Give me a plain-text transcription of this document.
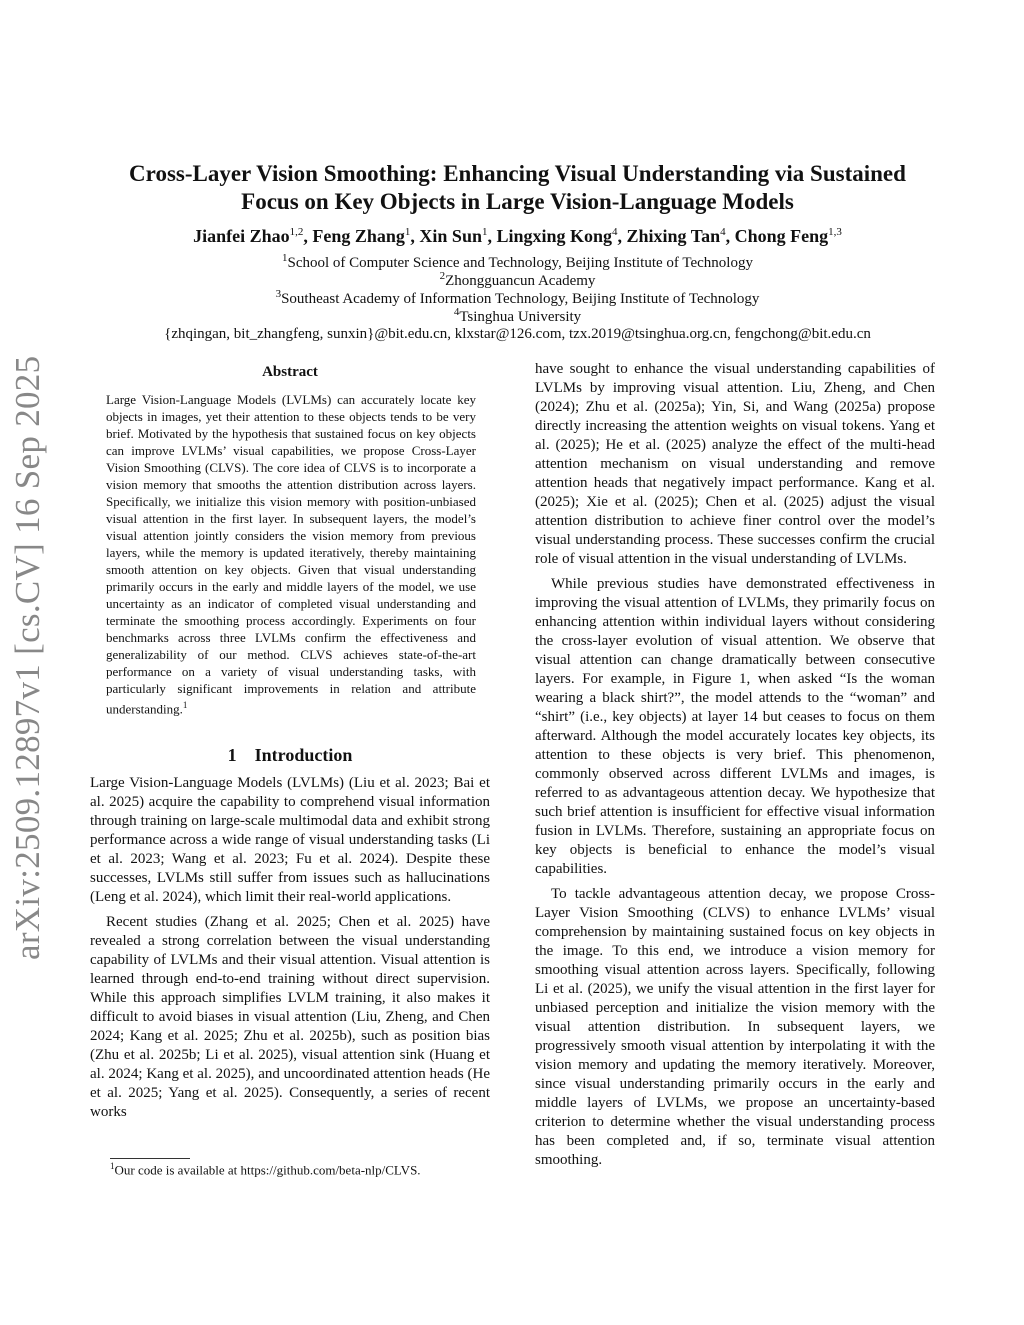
arXiv:2509.12897v1 [cs.CV] 16 Sep 2025
Cross-Layer Vision Smoothing: Enhancing Visual Understanding via Sustained
Focus on Key Objects in Large Vision-Language Models
Jianfei Zhao$^{1,2}$, Feng Zhang$^1$, Xin Sun$^1$, Lingxing Kong$^4$, Zhixing Tan$^4$, Chong Feng$^{1,3}$
$^1$School of Computer Science and Technology, Beijing Institute of Technology
$^2$Zhongguancun Academy
$^3$Southeast Academy of Information Technology, Beijing Institute of Technology
$^4$Tsinghua University
{zhqingan, bit_zhangfeng, sunxin}@bit.edu.cn, klxstar@126.com, tzx.2019@tsinghua.org.cn, fengchong@bit.edu.cn
Abstract
Large Vision-Language Models (LVLMs) can accurately locate key objects in images, yet their attention to these objects tends to be very brief. Motivated by the hypothesis that sustained focus on key objects can improve LVLMs’ visual capabilities, we propose Cross-Layer Vision Smoothing (CLVS). The core idea of CLVS is to incorporate a vision memory that smooths the attention distribution across layers. Specifically, we initialize this vision memory with position-unbiased visual attention in the first layer. In subsequent layers, the model’s visual attention jointly considers the vision memory from previous layers, while the memory is updated iteratively, thereby maintaining smooth attention on key objects. Given that visual understanding primarily occurs in the early and middle layers of the model, we use uncertainty as an indicator of completed visual understanding and terminate the smoothing process accordingly. Experiments on four benchmarks across three LVLMs confirm the effectiveness and generalizability of our method. CLVS achieves state-of-the-art performance on a variety of visual understanding tasks, with particularly significant improvements in relation and attribute understanding.$^1$
1 Introduction

Large Vision-Language Models (LVLMs) (Liu et al. 2023; Bai et al. 2025) acquire the capability to comprehend visual information through training on large-scale multimodal data and exhibit strong performance across a wide range of visual understanding tasks (Li et al. 2023; Wang et al. 2023; Fu et al. 2024). Despite these successes, LVLMs still suffer from issues such as hallucinations (Leng et al. 2024), which limit their real-world applications.

Recent studies (Zhang et al. 2025; Chen et al. 2025) have revealed a strong correlation between the visual understanding capability of LVLMs and their visual attention. Visual attention is learned through end-to-end training without direct supervision. While this approach simplifies LVLM training, it also makes it difficult to avoid biases in visual attention (Liu, Zheng, and Chen 2024; Kang et al. 2025; Zhu et al. 2025b), such as position bias (Zhu et al. 2025b; Li et al. 2025), visual attention sink (Huang et al. 2024; Kang et al. 2025), and uncoordinated attention heads (He et al. 2025; Yang et al. 2025). Consequently, a series of recent works

have sought to enhance the visual understanding capabilities of LVLMs by improving visual attention. Liu, Zheng, and Chen (2024); Zhu et al. (2025a); Yin, Si, and Wang (2025a) propose directly increasing the attention weights on visual tokens. Yang et al. (2025); He et al. (2025) analyze the effect of the multi-head attention mechanism on visual understanding and remove attention heads that negatively impact performance. Kang et al. (2025); Xie et al. (2025); Chen et al. (2025) adjust the visual attention distribution to achieve finer control over the model’s visual understanding process. These successes confirm the crucial role of visual attention in the visual understanding of LVLMs.

While previous studies have demonstrated effectiveness in improving the visual attention of LVLMs, they primarily focus on enhancing attention within individual layers without considering the cross-layer evolution of visual attention. We observe that visual attention can change dramatically between consecutive layers. For example, in Figure 1, when asked “Is the woman wearing a black shirt?”, the model attends to the “woman” and “shirt” (i.e., key objects) at layer 14 but ceases to focus on them afterward. Although the model accurately locates key objects, its attention to these objects is very brief. This phenomenon, commonly observed across different LVLMs and images, is referred to as advantageous attention decay. We hypothesize that such brief attention is insufficient for effective visual information fusion in LVLMs. Therefore, sustaining an appropriate focus on key objects is beneficial to enhance the model’s visual capabilities.

To tackle advantageous attention decay, we propose Cross-Layer Vision Smoothing (CLVS) to enhance LVLMs’ visual comprehension by maintaining sustained focus on key objects in the image. To this end, we introduce a vision memory for smoothing visual attention across layers. Specifically, following Li et al. (2025), we unify the visual attention in the first layer for unbiased perception and initialize the vision memory with the visual attention distribution. In subsequent layers, we progressively smooth visual attention by interpolating it with the vision memory and updating the memory iteratively. Moreover, since visual understanding primarily occurs in the early and middle layers of LVLMs, we propose an uncertainty-based criterion to determine whether the visual understanding process has been completed and, if so, terminate visual attention smoothing.

$^1$Our code is available at https://github.com/beta-nlp/CLVS.
